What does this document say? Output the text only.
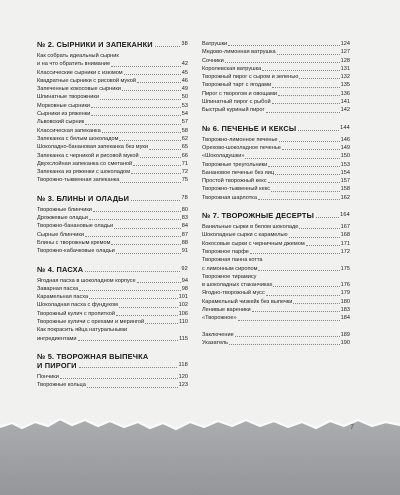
№ 2. СЫРНИКИ И ЗАПЕКАНКИ	38
Как собрать идеальный сырник
и на что обратить внимание	42
Классические сырники с изюмом	45
Квадратные сырники с рисовой мукой	46
Запеченные кокосовые сырники	49
Шпинатные творожники	50
Морковные сырники	53
Сырники из ряженки	54
Львовский сырник	57
Классическая запеканка	58
Запеканка с белым шоколадом	62
Шоколадно-банановая запеканка без муки	65
Запеканка с черникой и рисовой мукой	66
Двухслойная запеканка со сметаной	71
Запеканка из ряженки с шоколадом	72
Творожно-тыквенная запеканка	75
№ 3. БЛИНЫ И ОЛАДЬИ	78
Творожные блинчики	80
Дрожжевые оладьи	83
Творожно-банановые оладьи	84
Сырные блинчики	87
Блины с творожным кремом	88
Творожно-кабачковые оладьи	91
№ 4. ПАСХА	92
Ягодная пасха в шоколадном корпусе	94
Заварная пасха	98
Карамельная пасха	101
Шоколадная пасха с фундуком	102
Творожный кулич с пропиткой	106
Творожные куличи с орехами и мерингой	110
Как покрасить яйца натуральными
ингредиентами	115
№ 5. ТВОРОЖНАЯ ВЫПЕЧКА
И ПИРОГИ	118
Пончики	120
Творожные кольца	123
Ватрушки	124
Медово-лимонная ватрушка	127
Сочники	128
Королевская ватрушка	131
Творожный пирог с сыром и зеленью	132
Творожный тарт с ягодами	135
Пирог с творогом и овощами	136
Шпинатный пирог с рыбой	141
Быстрый куриный пирог	142
№ 6. ПЕЧЕНЬЕ И КЕКСЫ	144
Творожно-лимонное печенье	146
Орехово-шоколадное печенье	149
«Шоколадушки»	150
Творожные треугольники	153
Банановое печенье без яиц	154
Простой творожный кекс	157
Творожно-тыквенный кекс	158
Творожная шарлотка	162
№ 7. ТВОРОЖНЫЕ ДЕСЕРТЫ	164
Ванильные сырки в белом шоколаде	167
Шоколадные сырки с карамелью	168
Кокосовые сырки с черничным джемом	171
Творожное парфе	172
Творожная панна котта
с лимонным сиропом	175
Творожное тирамису
в шоколадных стаканчиках	176
Ягодно-творожный мусс	179
Карамельный чизкейк без выпечки	180
Ленивые вареники	183
«Творожное»	184
Заключение	189
Указатель	190
7
